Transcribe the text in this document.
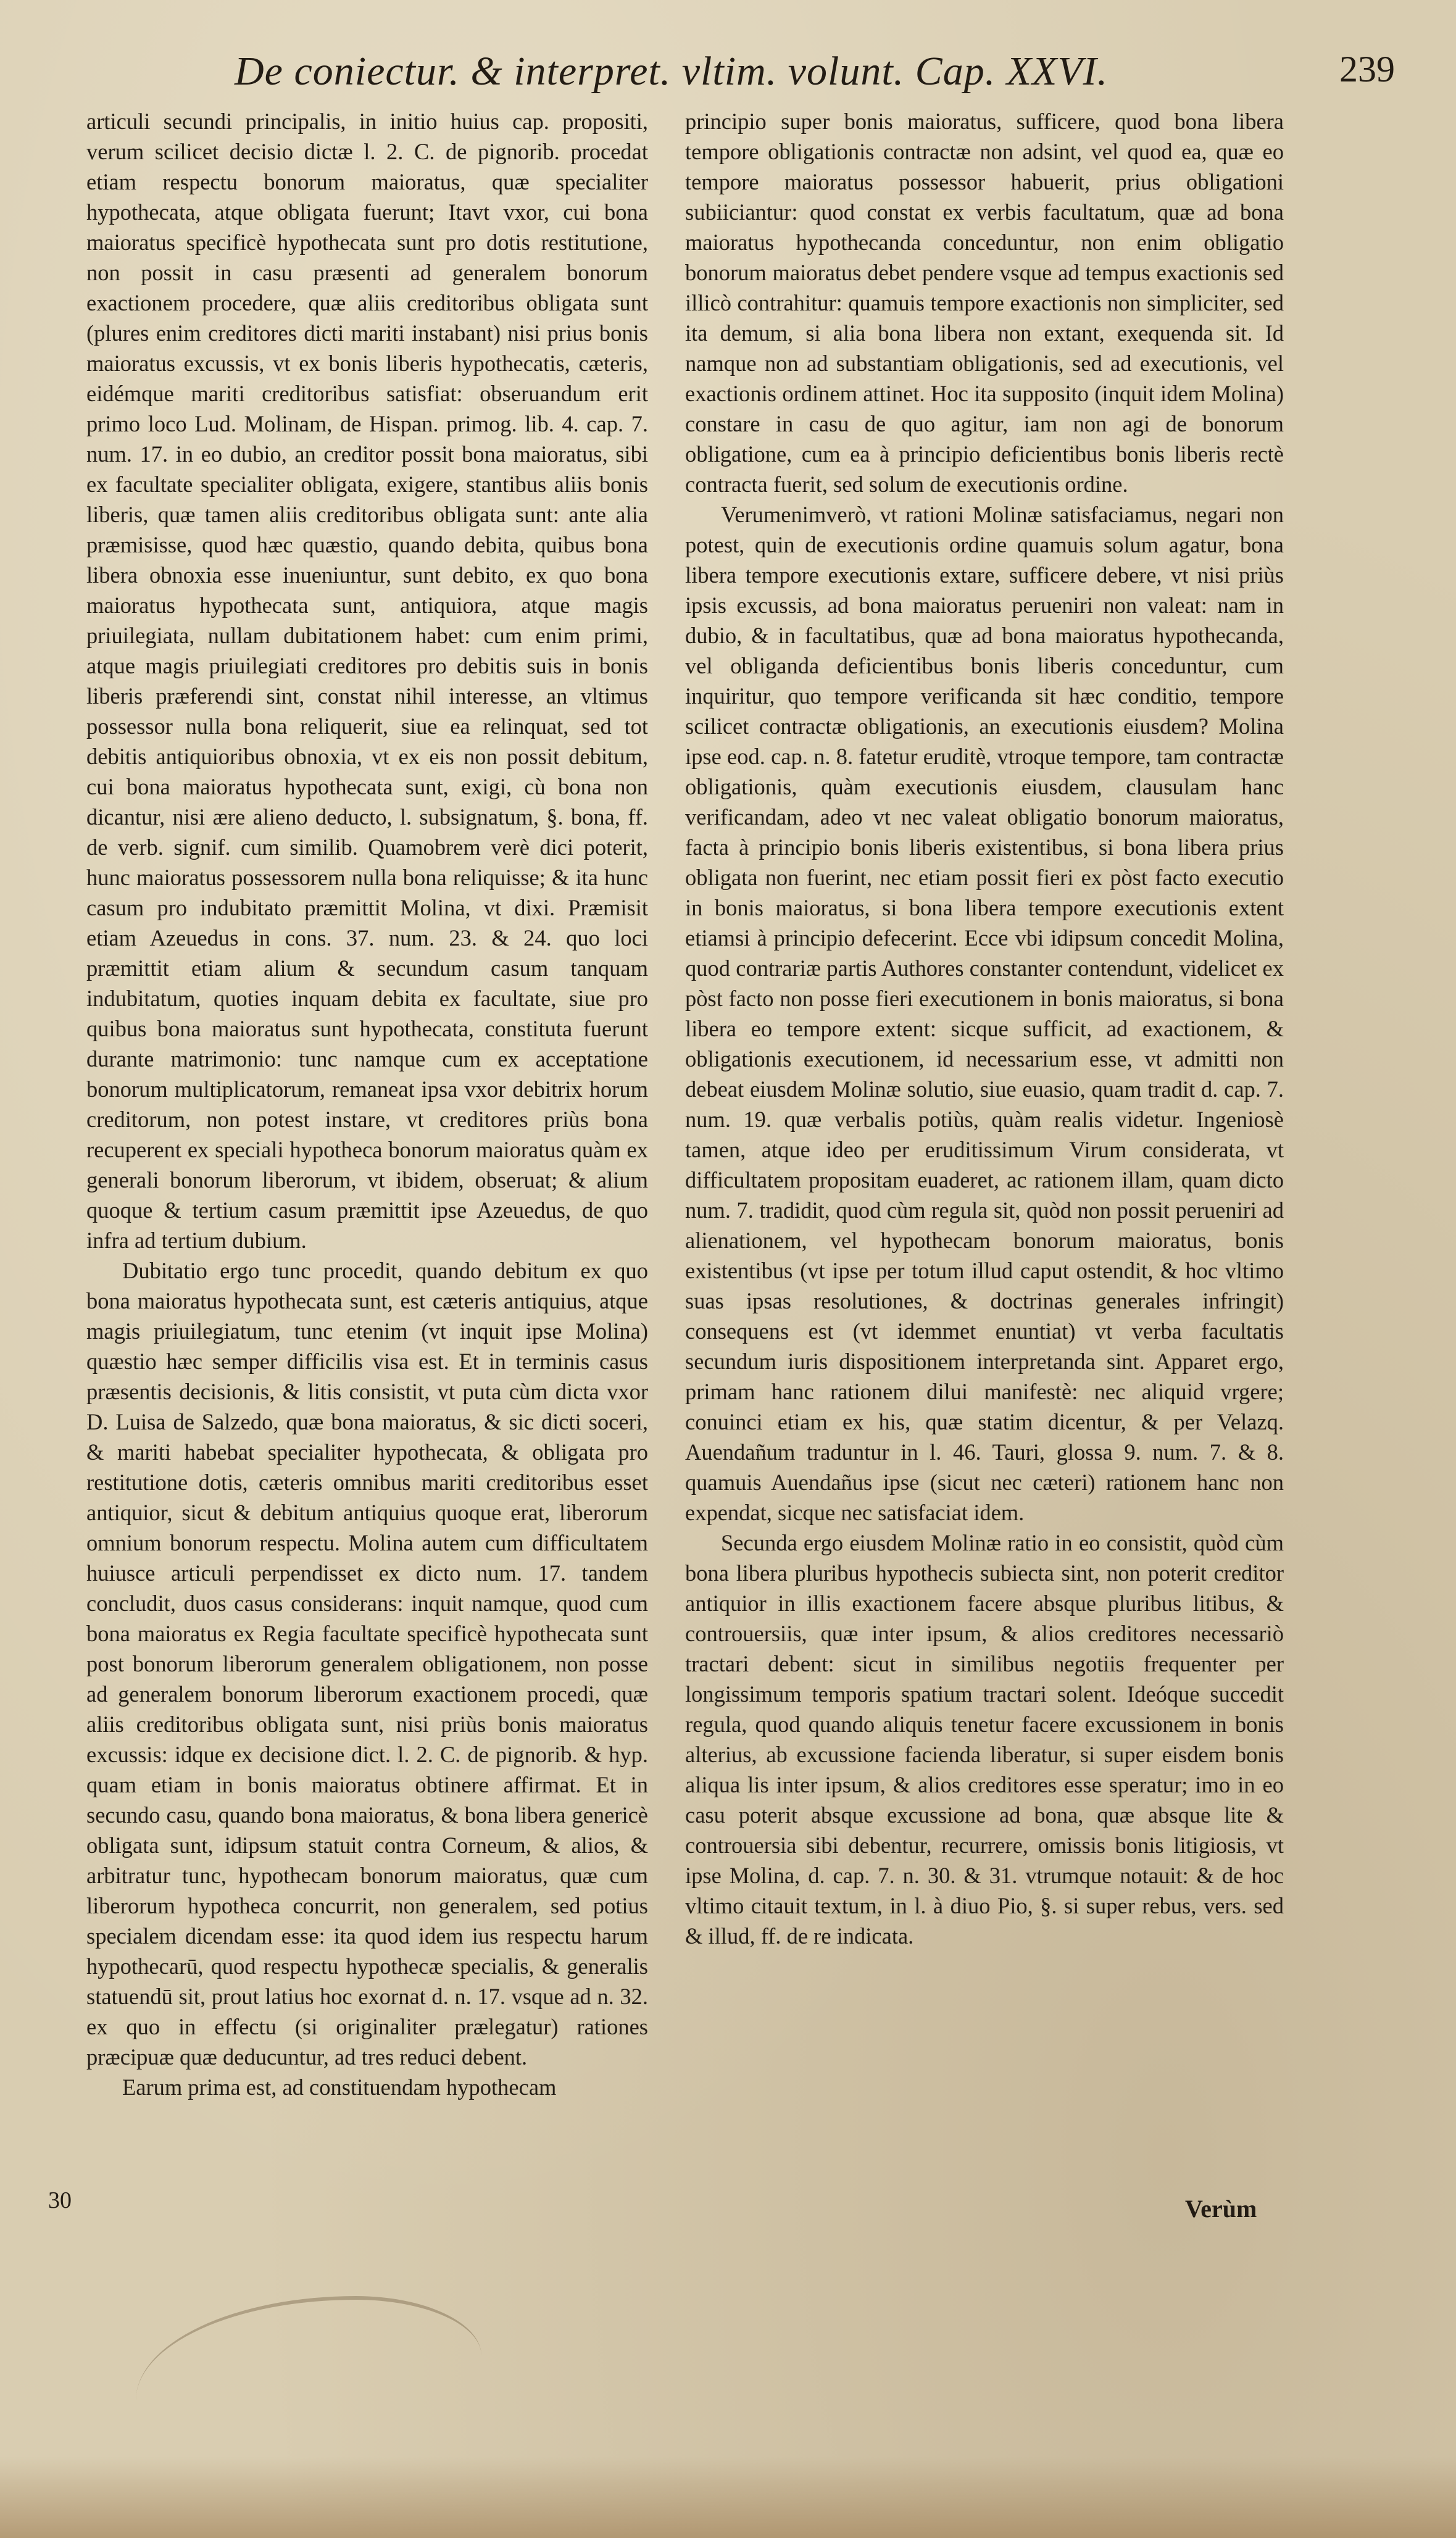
De coniectur. & interpret. vltim. volunt. Cap. XXVI.	239

articuli secundi principalis, in initio huius cap. propositi, verum scilicet decisio dictæ l. 2. C. de pignorib. procedat etiam respectu bonorum maioratus, quæ specialiter hypothecata, atque obligata fuerunt; Itavt vxor, cui bona maioratus specificè hypothecata sunt pro dotis restitutione, non possit in casu præsenti ad generalem bonorum exactionem procedere, quæ aliis creditoribus obligata sunt (plures enim creditores dicti mariti instabant) nisi prius bonis maioratus excussis, vt ex bonis liberis hypothecatis, cæteris, eidémque mariti creditoribus satisfiat: obseruandum erit primo loco Lud. Molinam, de Hispan. primog. lib. 4. cap. 7. num. 17. in eo dubio, an creditor possit bona maioratus, sibi ex facultate specialiter obligata, exigere, stantibus aliis bonis liberis, quæ tamen aliis creditoribus obligata sunt: ante alia præmisisse, quod hæc quæstio, quando debita, quibus bona libera obnoxia esse inueniuntur, sunt debito, ex quo bona maioratus hypothecata sunt, antiquiora, atque magis priuilegiata, nullam dubitationem habet: cum enim primi, atque magis priuilegiati creditores pro debitis suis in bonis liberis præferendi sint, constat nihil interesse, an vltimus possessor nulla bona reliquerit, siue ea relinquat, sed tot debitis antiquioribus obnoxia, vt ex eis non possit debitum, cui bona maioratus hypothecata sunt, exigi, cù bona non dicantur, nisi ære alieno deducto, l. subsignatum, §. bona, ff. de verb. signif. cum similib. Quamobrem verè dici poterit, hunc maioratus possessorem nulla bona reliquisse; & ita hunc casum pro indubitato præmittit Molina, vt dixi. Præmisit etiam Azeuedus in cons. 37. num. 23. & 24. quo loci præmittit etiam alium & secundum casum tanquam indubitatum, quoties inquam debita ex facultate, siue pro quibus bona maioratus sunt hypothecata, constituta fuerunt durante matrimonio: tunc namque cum ex acceptatione bonorum multiplicatorum, remaneat ipsa vxor debitrix horum creditorum, non potest instare, vt creditores priùs bona recuperent ex speciali hypotheca bonorum maioratus quàm ex generali bonorum liberorum, vt ibidem, obseruat; & alium quoque & tertium casum præmittit ipse Azeuedus, de quo infra ad tertium dubium.

Dubitatio ergo tunc procedit, quando debitum ex quo bona maioratus hypothecata sunt, est cæteris antiquius, atque magis priuilegiatum, tunc etenim (vt inquit ipse Molina) quæstio hæc semper difficilis visa est. Et in terminis casus præsentis decisionis, & litis consistit, vt puta cùm dicta vxor D. Luisa de Salzedo, quæ bona maioratus, & sic dicti soceri, & mariti habebat specialiter hypothecata, & obligata pro restitutione dotis, cæteris omnibus mariti creditoribus esset antiquior, sicut & debitum antiquius quoque erat, liberorum omnium bonorum respectu. Molina autem cum difficultatem huiusce articuli perpendisset ex dicto num. 17. tandem concludit, duos casus considerans: inquit namque, quod cum bona maioratus ex Regia facultate specificè hypothecata sunt post bonorum liberorum generalem obligationem, non posse ad generalem bonorum liberorum exactionem procedi, quæ aliis creditoribus obligata sunt, nisi priùs bonis maioratus excussis: idque ex decisione dict. l. 2. C. de pignorib. & hyp. quam etiam in bonis maioratus obtinere affirmat. Et in secundo casu, quando bona maioratus, & bona libera genericè obligata sunt, idipsum statuit contra Corneum, & alios, & arbitratur tunc, hypothecam bonorum maioratus, quæ cum liberorum hypotheca concurrit, non generalem, sed potius specialem dicendam esse: ita quod idem ius respectu harum hypothecarū, quod respectu hypothecæ specialis, & generalis statuendū sit, prout latius hoc exornat d. n. 17. vsque ad n. 32. ex quo in effectu (si originaliter prælegatur) rationes præcipuæ quæ deducuntur, ad tres reduci debent.

Earum prima est, ad constituendam hypothecam

principio super bonis maioratus, sufficere, quod bona libera tempore obligationis contractæ non adsint, vel quod ea, quæ eo tempore maioratus possessor habuerit, prius obligationi subiiciantur: quod constat ex verbis facultatum, quæ ad bona maioratus hypothecanda conceduntur, non enim obligatio bonorum maioratus debet pendere vsque ad tempus exactionis sed illicò contrahitur: quamuis tempore exactionis non simpliciter, sed ita demum, si alia bona libera non extant, exequenda sit. Id namque non ad substantiam obligationis, sed ad executionis, vel exactionis ordinem attinet. Hoc ita supposito (inquit idem Molina) constare in casu de quo agitur, iam non agi de bonorum obligatione, cum ea à principio deficientibus bonis liberis rectè contracta fuerit, sed solum de executionis ordine.

Verumenimverò, vt rationi Molinæ satisfaciamus, negari non potest, quin de executionis ordine quamuis solum agatur, bona libera tempore executionis extare, sufficere debere, vt nisi priùs ipsis excussis, ad bona maioratus perueniri non valeat: nam in dubio, & in facultatibus, quæ ad bona maioratus hypothecanda, vel obliganda deficientibus bonis liberis conceduntur, cum inquiritur, quo tempore verificanda sit hæc conditio, tempore scilicet contractæ obligationis, an executionis eiusdem? Molina ipse eod. cap. n. 8. fatetur eruditè, vtroque tempore, tam contractæ obligationis, quàm executionis eiusdem, clausulam hanc verificandam, adeo vt nec valeat obligatio bonorum maioratus, facta à principio bonis liberis existentibus, si bona libera prius obligata non fuerint, nec etiam possit fieri ex pòst facto executio in bonis maioratus, si bona libera tempore executionis extent etiamsi à principio defecerint. Ecce vbi idipsum concedit Molina, quod contrariæ partis Authores constanter contendunt, videlicet ex pòst facto non posse fieri executionem in bonis maioratus, si bona libera eo tempore extent: sicque sufficit, ad exactionem, & obligationis executionem, id necessarium esse, vt admitti non debeat eiusdem Molinæ solutio, siue euasio, quam tradit d. cap. 7. num. 19. quæ verbalis potiùs, quàm realis videtur. Ingeniosè tamen, atque ideo per eruditissimum Virum considerata, vt difficultatem propositam euaderet, ac rationem illam, quam dicto num. 7. tradidit, quod cùm regula sit, quòd non possit perueniri ad alienationem, vel hypothecam bonorum maioratus, bonis existentibus (vt ipse per totum illud caput ostendit, & hoc vltimo suas ipsas resolutiones, & doctrinas generales infringit) consequens est (vt idemmet enuntiat) vt verba facultatis secundum iuris dispositionem interpretanda sint. Apparet ergo, primam hanc rationem dilui manifestè: nec aliquid vrgere; conuinci etiam ex his, quæ statim dicentur, & per Velazq. Auendañum traduntur in l. 46. Tauri, glossa 9. num. 7. & 8. quamuis Auendañus ipse (sicut nec cæteri) rationem hanc non expendat, sicque nec satisfaciat idem.

Secunda ergo eiusdem Molinæ ratio in eo consistit, quòd cùm bona libera pluribus hypothecis subiecta sint, non poterit creditor antiquior in illis exactionem facere absque pluribus litibus, & controuersiis, quæ inter ipsum, & alios creditores necessariò tractari debent: sicut in similibus negotiis frequenter per longissimum temporis spatium tractari solent. Ideóque succedit regula, quod quando aliquis tenetur facere excussionem in bonis alterius, ab excussione facienda liberatur, si super eisdem bonis aliqua lis inter ipsum, & alios creditores esse speratur; imo in eo casu poterit absque excussione ad bona, quæ absque lite & controuersia sibi debentur, recurrere, omissis bonis litigiosis, vt ipse Molina, d. cap. 7. n. 30. & 31. vtrumque notauit: & de hoc vltimo citauit textum, in l. à diuo Pio, §. si super rebus, vers. sed & illud, ff. de re indicata.

30	Verùm
